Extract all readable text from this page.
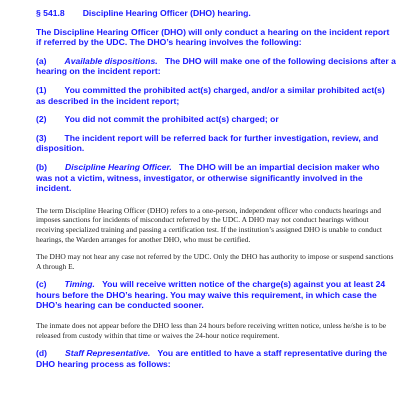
§ 541.8 Discipline Hearing Officer (DHO) hearing.

The Discipline Hearing Officer (DHO) will only conduct a hearing on the incident report if referred by the UDC. The DHO’s hearing involves the following:

(a) Available dispositions. The DHO will make one of the following decisions after a hearing on the incident report:

(1) You committed the prohibited act(s) charged, and/or a similar prohibited act(s) as described in the incident report;

(2) You did not commit the prohibited act(s) charged; or

(3) The incident report will be referred back for further investigation, review, and disposition.

(b) Discipline Hearing Officer. The DHO will be an impartial decision maker who was not a victim, witness, investigator, or otherwise significantly involved in the incident.

The term Discipline Hearing Officer (DHO) refers to a one-person, independent officer who conducts hearings and imposes sanctions for incidents of misconduct referred by the UDC. A DHO may not conduct hearings without receiving specialized training and passing a certification test. If the institution’s assigned DHO is unable to conduct hearings, the Warden arranges for another DHO, who must be certified.

The DHO may not hear any case not referred by the UDC. Only the DHO has authority to impose or suspend sanctions A through E.

(c) Timing. You will receive written notice of the charge(s) against you at least 24 hours before the DHO’s hearing. You may waive this requirement, in which case the DHO’s hearing can be conducted sooner.

The inmate does not appear before the DHO less than 24 hours before receiving written notice, unless he/she is to be released from custody within that time or waives the 24-hour notice requirement.

(d) Staff Representative. You are entitled to have a staff representative during the DHO hearing process as follows:
